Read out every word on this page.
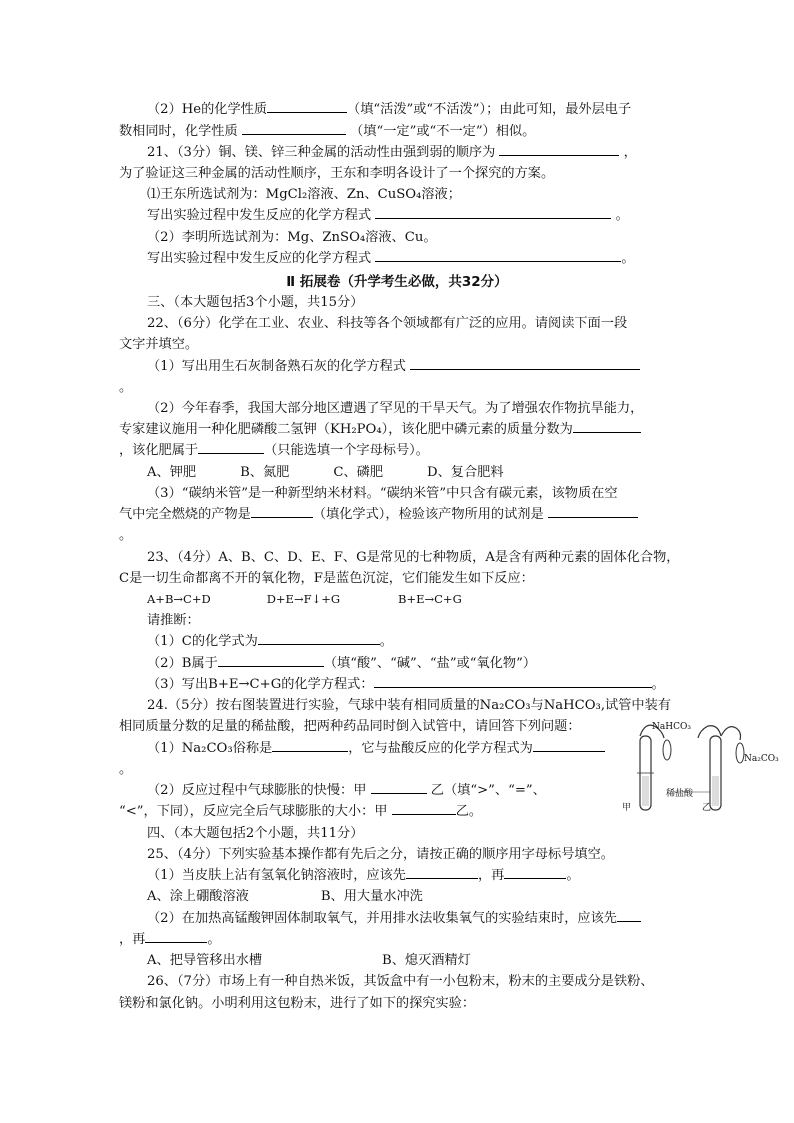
（2）He的化学性质	（填“活泼”或“不活泼”）；由此可知，最外层电子
数相同时，化学性质	（填“一定”或“不一定”）相似。
21、（3分）铜、镁、锌三种金属的活动性由强到弱的顺序为	，
为了验证这三种金属的活动性顺序，王东和李明各设计了一个探究的方案。
⑴王东所选试剂为：MgCl₂溶液、Zn、CuSO₄溶液；
写出实验过程中发生反应的化学方程式	。
（2）李明所选试剂为：Mg、ZnSO₄溶液、Cu。
写出实验过程中发生反应的化学方程式	。
Ⅱ 拓展卷（升学考生必做，共32分）
三、（本大题包括3个小题，共15分）
22、（6分）化学在工业、农业、科技等各个领域都有广泛的应用。请阅读下面一段
文字并填空。
（1）写出用生石灰制备熟石灰的化学方程式
。
（2）今年春季，我国大部分地区遭遇了罕见的干旱天气。为了增强农作物抗旱能力，
专家建议施用一种化肥磷酸二氢钾（KH₂PO₄），该化肥中磷元素的质量分数为
，该化肥属于	（只能选填一个字母标号）。
A、钾肥	B、氮肥	C、磷肥	D、复合肥料
（3）“碳纳米管”是一种新型纳米材料。“碳纳米管”中只含有碳元素，该物质在空
气中完全燃烧的产物是	（填化学式），检验该产物所用的试剂是
。
23、（4分）A、B、C、D、E、F、G是常见的七种物质，A是含有两种元素的固体化合物，
C是一切生命都离不开的氧化物，F是蓝色沉淀，它们能发生如下反应：
A+B→C+D	D+E→F↓+G	B+E→C+G
请推断：
（1）C的化学式为	。
（2）B属于	（填“酸”、“碱”、“盐”或“氧化物”）
（3）写出B+E→C+G的化学方程式：	。
24.（5分）按右图装置进行实验，气球中装有相同质量的Na₂CO₃与NaHCO₃,试管中装有
相同质量分数的足量的稀盐酸，把两种药品同时倒入试管中，请回答下列问题：
（1）Na₂CO₃俗称是	，它与盐酸反应的化学方程式为
。
（2）反应过程中气球膨胀的快慢：甲	乙（填“>”、“=”、
“<”，下同），反应完全后气球膨胀的大小：甲	乙。
NaHCO₃
Na₂CO₃
稀盐酸
甲	乙
四、（本大题包括2个小题，共11分）
25、（4分）下列实验基本操作都有先后之分，请按正确的顺序用字母标号填空。
（1）当皮肤上沾有氢氧化钠溶液时，应该先	，再	。
A、涂上硼酸溶液	B、用大量水冲洗
（2）在加热高锰酸钾固体制取氧气，并用排水法收集氧气的实验结束时，应该先
，再	。
A、把导管移出水槽	B、熄灭酒精灯
26、（7分）市场上有一种自热米饭，其饭盒中有一小包粉末，粉末的主要成分是铁粉、
镁粉和氯化钠。小明利用这包粉末，进行了如下的探究实验：
